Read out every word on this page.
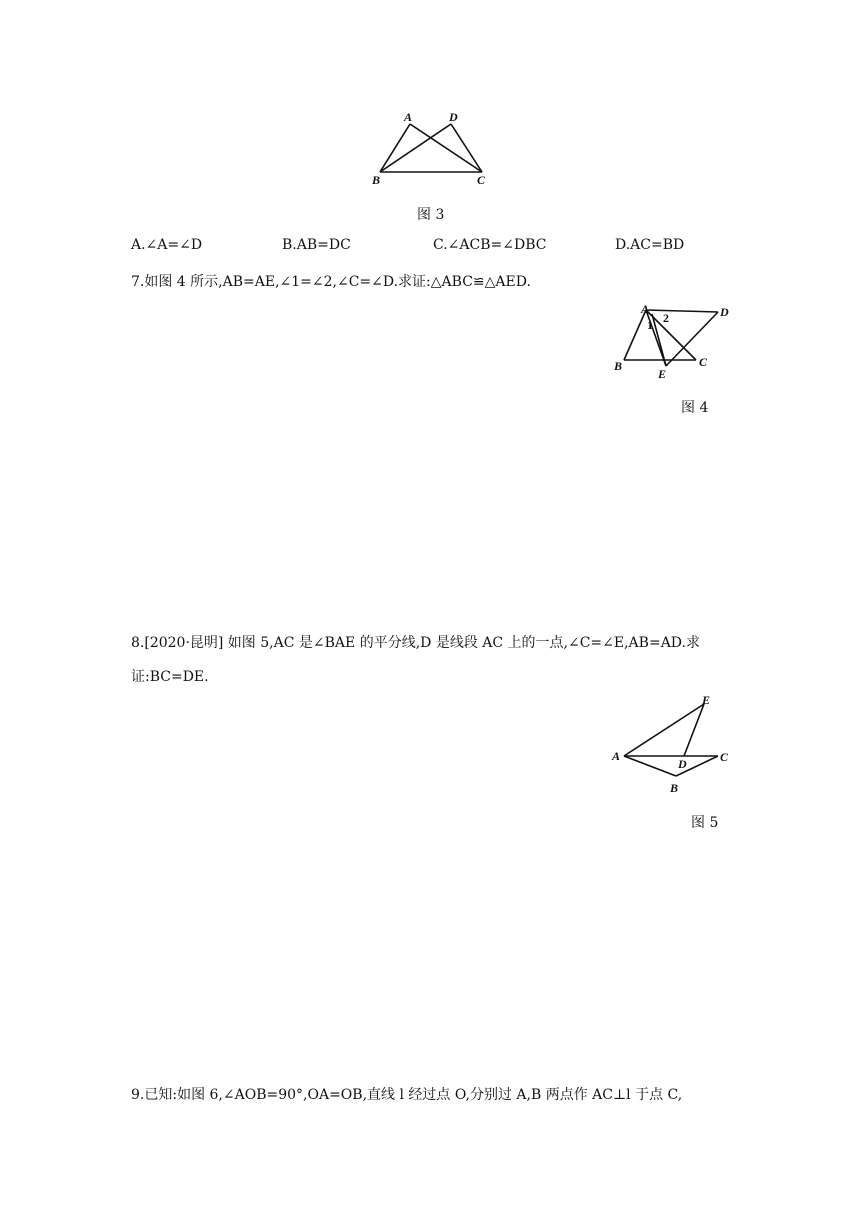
A	D
B	C
图 3
A.∠A=∠D	B.AB=DC	C.∠ACB=∠DBC	D.AC=BD
7.如图 4 所示,AB=AE,∠1=∠2,∠C=∠D.求证:△ABC≌△AED.
A	D
B	C
E
1 2
图 4
8.[2020·昆明] 如图 5,AC 是∠BAE 的平分线,D 是线段 AC 上的一点,∠C=∠E,AB=AD.求
证:BC=DE.
E
A
D	C
B
图 5
9.已知:如图 6,∠AOB=90°,OA=OB,直线 l 经过点 O,分别过 A,B 两点作 AC⊥l 于点 C,
